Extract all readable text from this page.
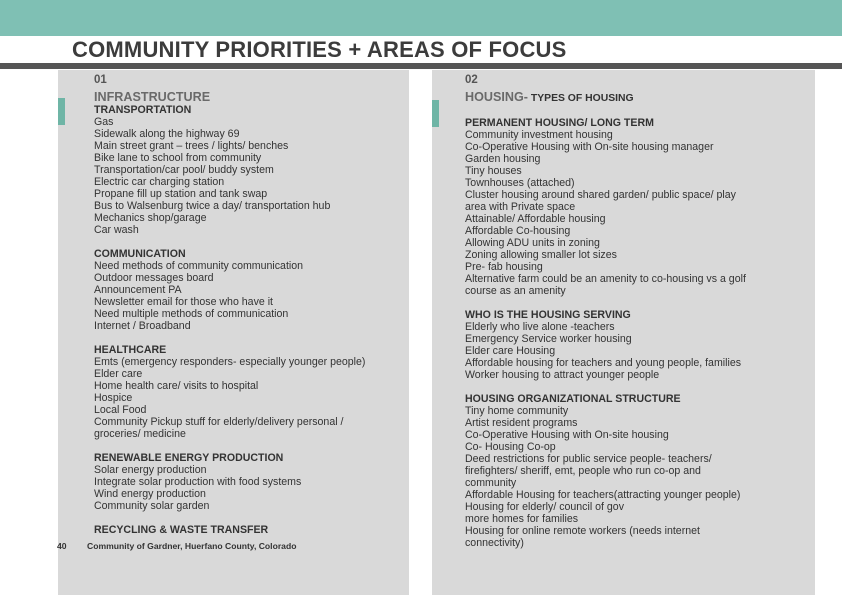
COMMUNITY PRIORITIES + AREAS OF FOCUS
01
INFRASTRUCTURE
TRANSPORTATION
Gas
Sidewalk along the highway 69
Main street grant – trees / lights/ benches
Bike lane to school from community
Transportation/car pool/ buddy system
Electric car charging station
Propane fill up station and tank swap
Bus to Walsenburg twice a day/ transportation hub
Mechanics shop/garage
Car wash
COMMUNICATION
Need methods of community communication
Outdoor messages board
Announcement PA
Newsletter email for those who have it
Need multiple methods of communication
Internet / Broadband
HEALTHCARE
Emts (emergency responders- especially younger people)
Elder care
Home health care/ visits to hospital
Hospice
Local Food
Community Pickup stuff for elderly/delivery personal /
groceries/ medicine
RENEWABLE ENERGY PRODUCTION
Solar energy production
Integrate solar production with food systems
Wind energy production
Community solar garden
RECYCLING & WASTE TRANSFER
02
HOUSING- TYPES OF HOUSING
PERMANENT HOUSING/ LONG TERM
Community investment housing
Co-Operative Housing with On-site housing manager
Garden housing
Tiny houses
Townhouses (attached)
Cluster housing around shared garden/ public space/ play
area with Private space
Attainable/ Affordable housing
Affordable Co-housing
Allowing ADU units in zoning
Zoning allowing smaller lot sizes
Pre- fab housing
Alternative farm could be an amenity to co-housing vs a golf
course as an amenity
WHO IS THE HOUSING SERVING
Elderly who live alone -teachers
Emergency Service worker housing
Elder care Housing
Affordable housing for teachers and young people, families
Worker housing to attract younger people
HOUSING ORGANIZATIONAL STRUCTURE
Tiny home community
Artist resident programs
Co-Operative Housing with On-site housing
Co- Housing Co-op
Deed restrictions for public service people- teachers/
firefighters/ sheriff, emt, people who run co-op and
community
Affordable Housing for teachers(attracting younger people)
Housing for elderly/ council of gov
more homes for families
Housing for online remote workers (needs internet
connectivity)
40 Community of Gardner, Huerfano County, Colorado
